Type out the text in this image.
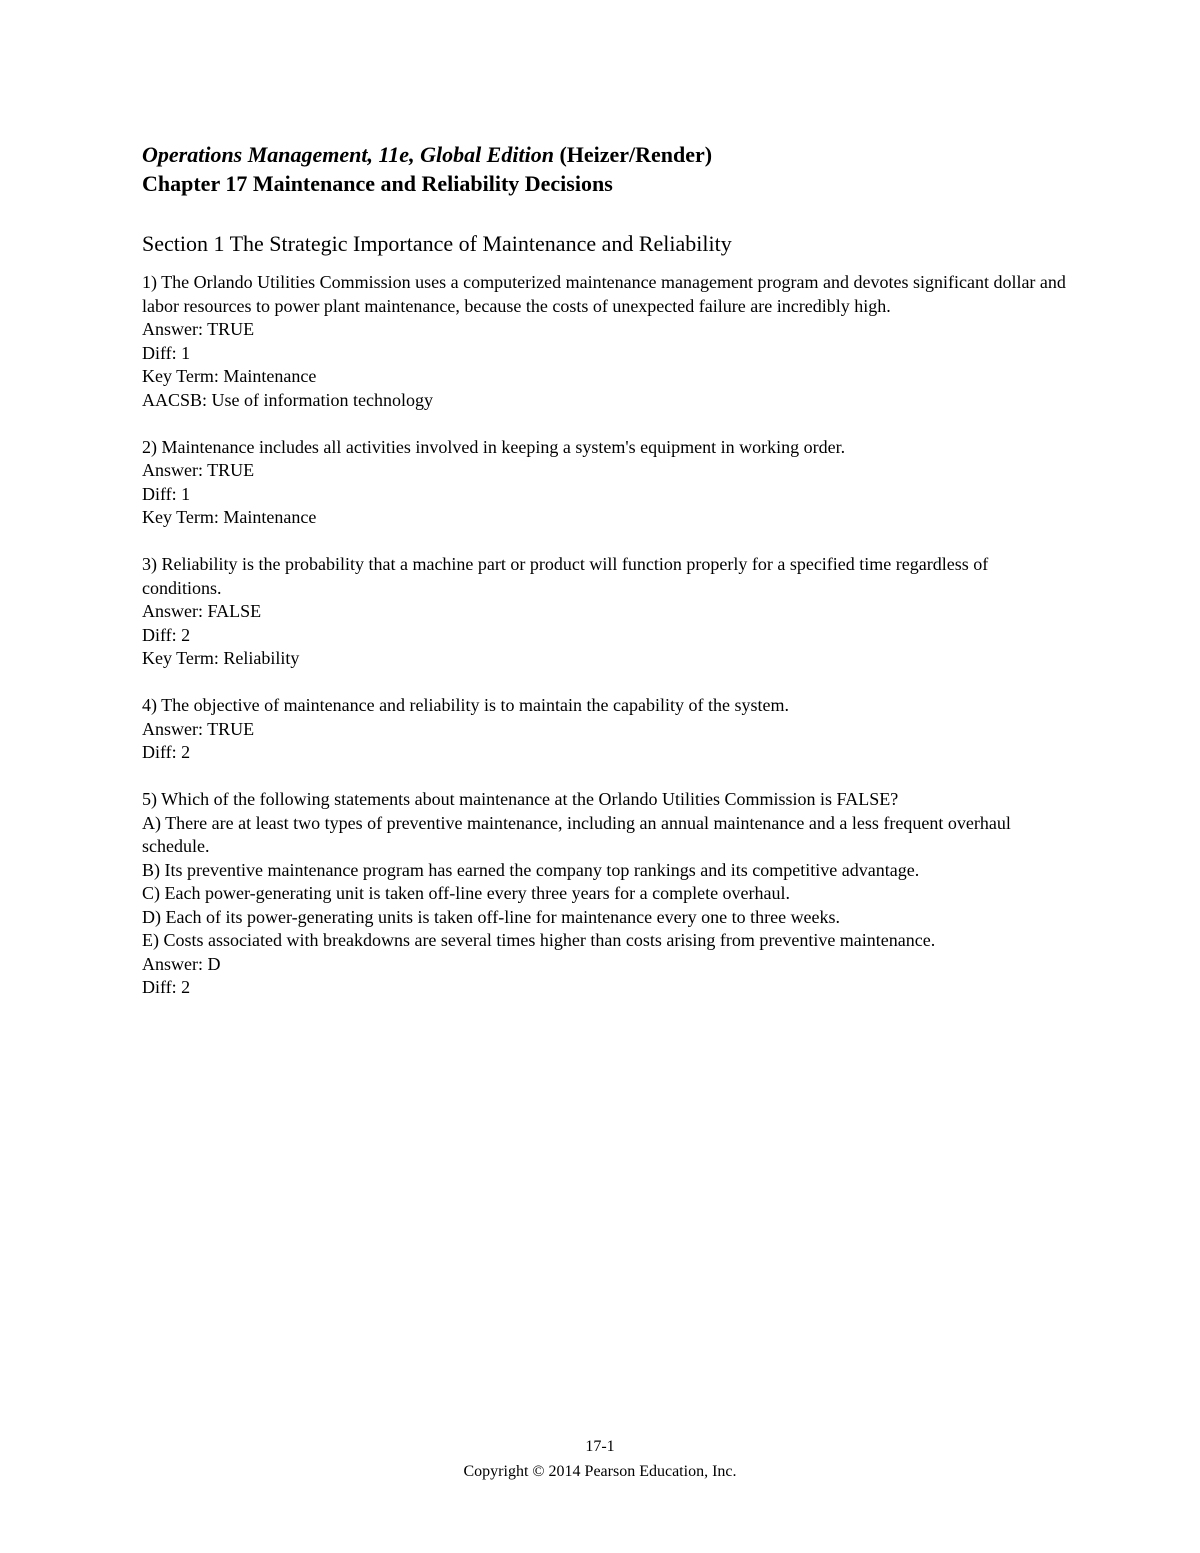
Operations Management, 11e, Global Edition (Heizer/Render)
Chapter 17 Maintenance and Reliability Decisions
Section 1 The Strategic Importance of Maintenance and Reliability
1) The Orlando Utilities Commission uses a computerized maintenance management program and devotes significant dollar and labor resources to power plant maintenance, because the costs of unexpected failure are incredibly high.
Answer: TRUE
Diff: 1
Key Term: Maintenance
AACSB: Use of information technology
2) Maintenance includes all activities involved in keeping a system's equipment in working order.
Answer: TRUE
Diff: 1
Key Term: Maintenance
3) Reliability is the probability that a machine part or product will function properly for a specified time regardless of conditions.
Answer: FALSE
Diff: 2
Key Term: Reliability
4) The objective of maintenance and reliability is to maintain the capability of the system.
Answer: TRUE
Diff: 2
5) Which of the following statements about maintenance at the Orlando Utilities Commission is FALSE?
A) There are at least two types of preventive maintenance, including an annual maintenance and a less frequent overhaul schedule.
B) Its preventive maintenance program has earned the company top rankings and its competitive advantage.
C) Each power-generating unit is taken off-line every three years for a complete overhaul.
D) Each of its power-generating units is taken off-line for maintenance every one to three weeks.
E) Costs associated with breakdowns are several times higher than costs arising from preventive maintenance.
Answer: D
Diff: 2
17-1
Copyright © 2014 Pearson Education, Inc.
